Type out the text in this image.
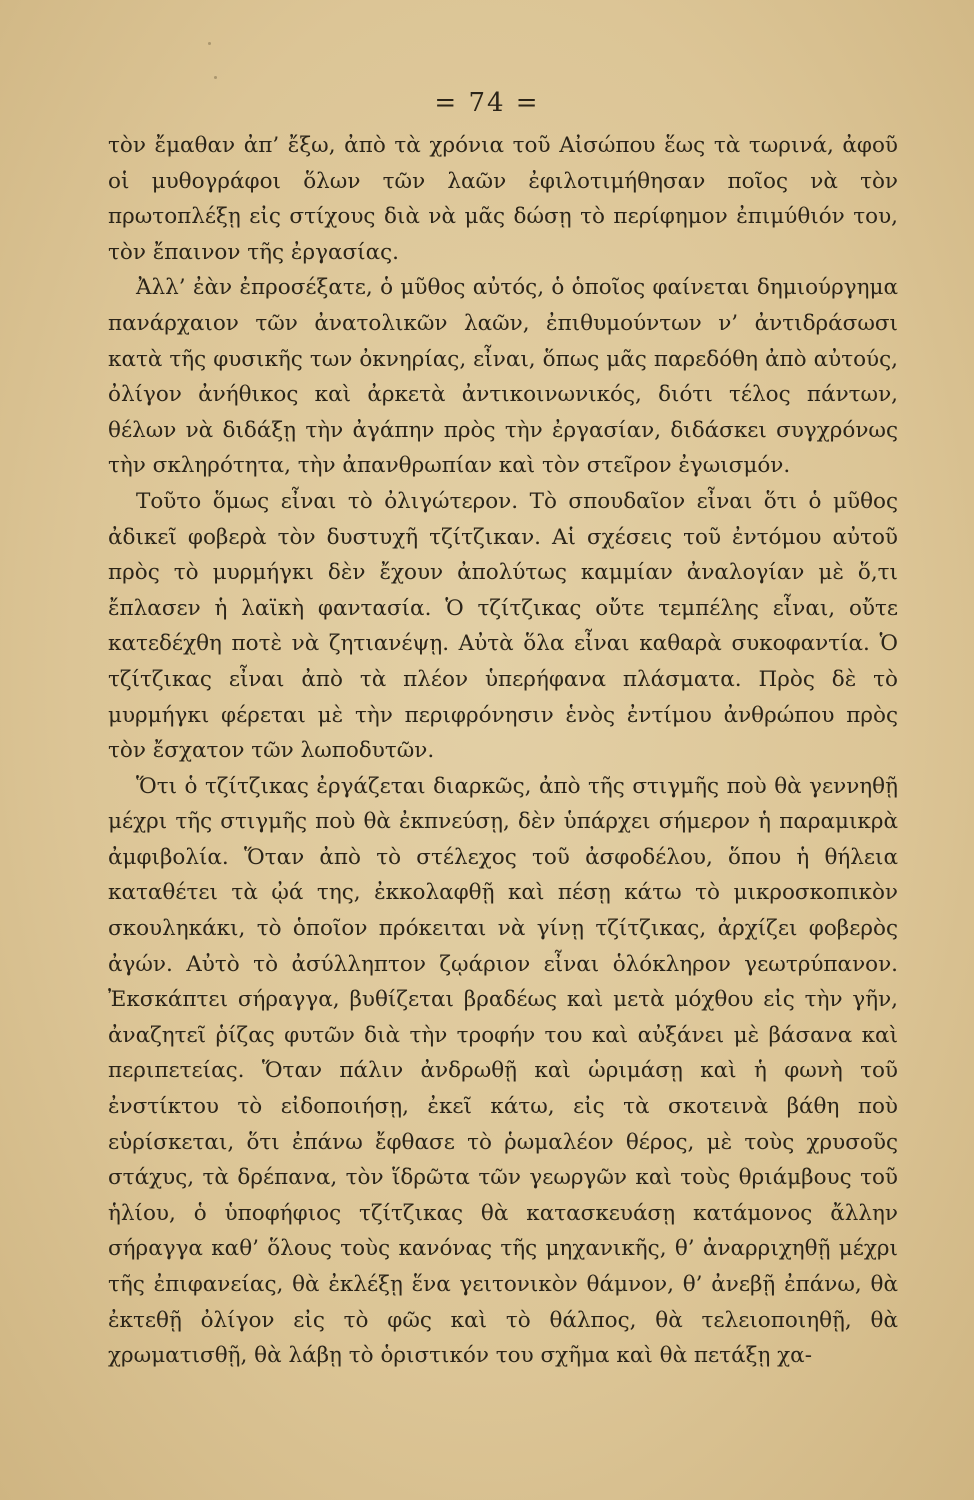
= 74 =

τὸν ἔμαθαν ἀπ’ ἔξω, ἀπὸ τὰ χρόνια τοῦ Αἰσώπου ἕως τὰ τωρινά, ἀφοῦ οἱ μυθογράφοι ὅλων τῶν λαῶν ἐφιλοτιμήθησαν ποῖος νὰ τὸν πρωτοπλέξῃ εἰς στίχους διὰ νὰ μᾶς δώσῃ τὸ περίφημον ἐπιμύθιόν του, τὸν ἔπαινον τῆς ἐργασίας.

Ἀλλ’ ἐὰν ἐπροσέξατε, ὁ μῦθος αὐτός, ὁ ὁποῖος φαίνεται δημιούργημα πανάρχαιον τῶν ἀνατολικῶν λαῶν, ἐπιθυμούντων ν’ ἀντιδράσωσι κατὰ τῆς φυσικῆς των ὀκνηρίας, εἶναι, ὅπως μᾶς παρεδόθη ἀπὸ αὐτούς, ὀλίγον ἀνήθικος καὶ ἀρκετὰ ἀντικοινωνικός, διότι τέλος πάντων, θέλων νὰ διδάξῃ τὴν ἀγάπην πρὸς τὴν ἐργασίαν, διδάσκει συγχρόνως τὴν σκληρότητα, τὴν ἀπανθρωπίαν καὶ τὸν στεῖρον ἐγωισμόν.

Τοῦτο ὅμως εἶναι τὸ ὀλιγώτερον. Τὸ σπουδαῖον εἶναι ὅτι ὁ μῦθος ἀδικεῖ φοβερὰ τὸν δυστυχῆ τζίτζικαν. Αἱ σχέσεις τοῦ ἐντόμου αὐτοῦ πρὸς τὸ μυρμήγκι δὲν ἔχουν ἀπολύτως καμμίαν ἀναλογίαν μὲ ὅ,τι ἔπλασεν ἡ λαϊκὴ φαντασία. Ὁ τζίτζικας οὔτε τεμπέλης εἶναι, οὔτε κατεδέχθη ποτὲ νὰ ζητιανέψῃ. Αὐτὰ ὅλα εἶναι καθαρὰ συκοφαντία. Ὁ τζίτζικας εἶναι ἀπὸ τὰ πλέον ὑπερήφανα πλάσματα. Πρὸς δὲ τὸ μυρμήγκι φέρεται μὲ τὴν περιφρόνησιν ἑνὸς ἐντίμου ἀνθρώπου πρὸς τὸν ἔσχατον τῶν λωποδυτῶν.

Ὅτι ὁ τζίτζικας ἐργάζεται διαρκῶς, ἀπὸ τῆς στιγμῆς ποὺ θὰ γεννηθῇ μέχρι τῆς στιγμῆς ποὺ θὰ ἐκπνεύσῃ, δὲν ὑπάρχει σήμερον ἡ παραμικρὰ ἀμφιβολία. Ὅταν ἀπὸ τὸ στέλεχος τοῦ ἀσφοδέλου, ὅπου ἡ θήλεια καταθέτει τὰ ᾠά της, ἐκκολαφθῇ καὶ πέσῃ κάτω τὸ μικροσκοπικὸν σκουληκάκι, τὸ ὁποῖον πρόκειται νὰ γίνῃ τζίτζικας, ἀρχίζει φοβερὸς ἀγών. Αὐτὸ τὸ ἀσύλληπτον ζῳάριον εἶναι ὁλόκληρον γεωτρύπανον. Ἐκσκάπτει σήραγγα, βυθίζεται βραδέως καὶ μετὰ μόχθου εἰς τὴν γῆν, ἀναζητεῖ ῥίζας φυτῶν διὰ τὴν τροφήν του καὶ αὐξάνει μὲ βάσανα καὶ περιπετείας. Ὅταν πάλιν ἀνδρωθῇ καὶ ὡριμάσῃ καὶ ἡ φωνὴ τοῦ ἐνστίκτου τὸ εἰδοποιήσῃ, ἐκεῖ κάτω, εἰς τὰ σκοτεινὰ βάθη ποὺ εὑρίσκεται, ὅτι ἐπάνω ἔφθασε τὸ ῥωμαλέον θέρος, μὲ τοὺς χρυσοῦς στάχυς, τὰ δρέπανα, τὸν ἵδρῶτα τῶν γεωργῶν καὶ τοὺς θριάμβους τοῦ ἡλίου, ὁ ὑποφήφιος τζίτζικας θὰ κατασκευάσῃ κατάμονος ἄλλην σήραγγα καθ’ ὅλους τοὺς κανόνας τῆς μηχανικῆς, θ’ ἀναρριχηθῇ μέχρι τῆς ἐπιφανείας, θὰ ἐκλέξῃ ἕνα γειτονικὸν θάμνον, θ’ ἀνεβῇ ἐπάνω, θὰ ἐκτεθῇ ὀλίγον εἰς τὸ φῶς καὶ τὸ θάλπος, θὰ τελειοποιηθῇ, θὰ χρωματισθῇ, θὰ λάβῃ τὸ ὁριστικόν του σχῆμα καὶ θὰ πετάξῃ χα-
